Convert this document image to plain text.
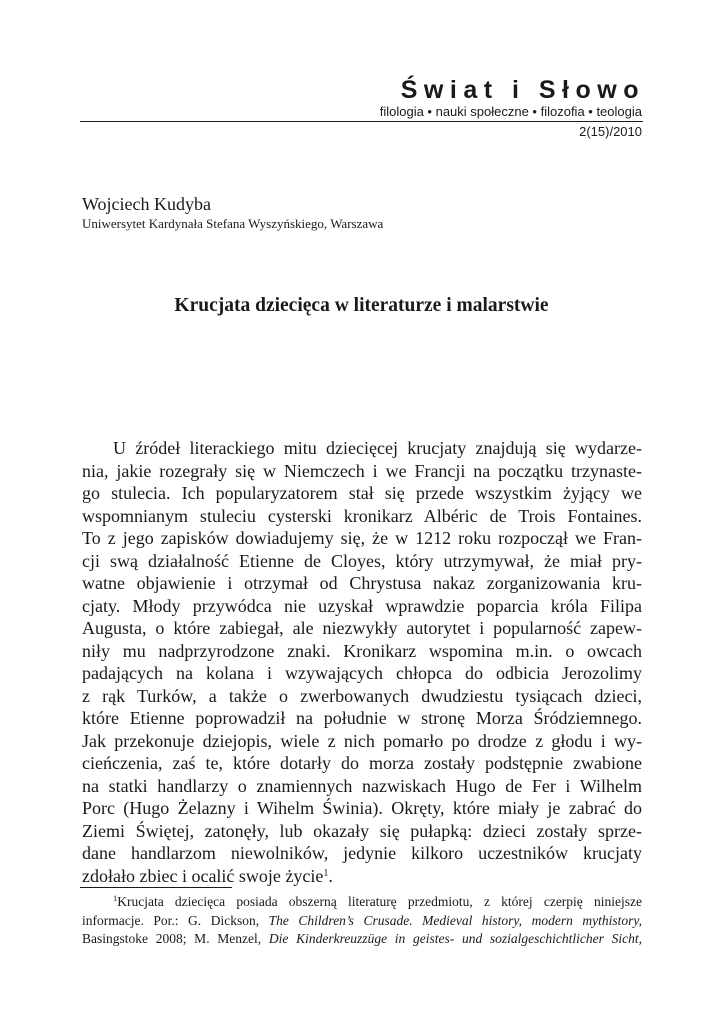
Świat i Słowo
filologia • nauki społeczne • filozofia • teologia
2(15)/2010
Wojciech Kudyba
Uniwersytet Kardynała Stefana Wyszyńskiego, Warszawa
Krucjata dziecięca w literaturze i malarstwie
U źródeł literackiego mitu dziecięcej krucjaty znajdują się wydarze-
nia, jakie rozegrały się w Niemczech i we Francji na początku trzynaste-
go stulecia. Ich popularyzatorem stał się przede wszystkim żyjący we
wspomnianym stuleciu cysterski kronikarz Albéric de Trois Fontaines.
To z jego zapisków dowiadujemy się, że w 1212 roku rozpoczął we Fran-
cji swą działalność Etienne de Cloyes, który utrzymywał, że miał pry-
watne objawienie i otrzymał od Chrystusa nakaz zorganizowania kru-
cjaty. Młody przywódca nie uzyskał wprawdzie poparcia króla Filipa
Augusta, o które zabiegał, ale niezwykły autorytet i popularność zapew-
niły mu nadprzyrodzone znaki. Kronikarz wspomina m.in. o owcach
padających na kolana i wzywających chłopca do odbicia Jerozolimy
z rąk Turków, a także o zwerbowanych dwudziestu tysiącach dzieci,
które Etienne poprowadził na południe w stronę Morza Śródziemnego.
Jak przekonuje dziejopis, wiele z nich pomarło po drodze z głodu i wy-
cieńczenia, zaś te, które dotarły do morza zostały podstępnie zwabione
na statki handlarzy o znamiennych nazwiskach Hugo de Fer i Wilhelm
Porc (Hugo Żelazny i Wihelm Świnia). Okręty, które miały je zabrać do
Ziemi Świętej, zatonęły, lub okazały się pułapką: dzieci zostały sprze-
dane handlarzom niewolników, jedynie kilkoro uczestników krucjaty
zdołało zbiec i ocalić swoje życie$^1$.
$^1$Krucjata dziecięca posiada obszerną literaturę przedmiotu, z której czerpię niniejsze
informacje. Por.: G. Dickson, The Children’s Crusade. Medieval history, modern mythistory,
Basingstoke 2008; M. Menzel, Die Kinderkreuzzüge in geistes- und sozialgeschichtlicher Sicht,
